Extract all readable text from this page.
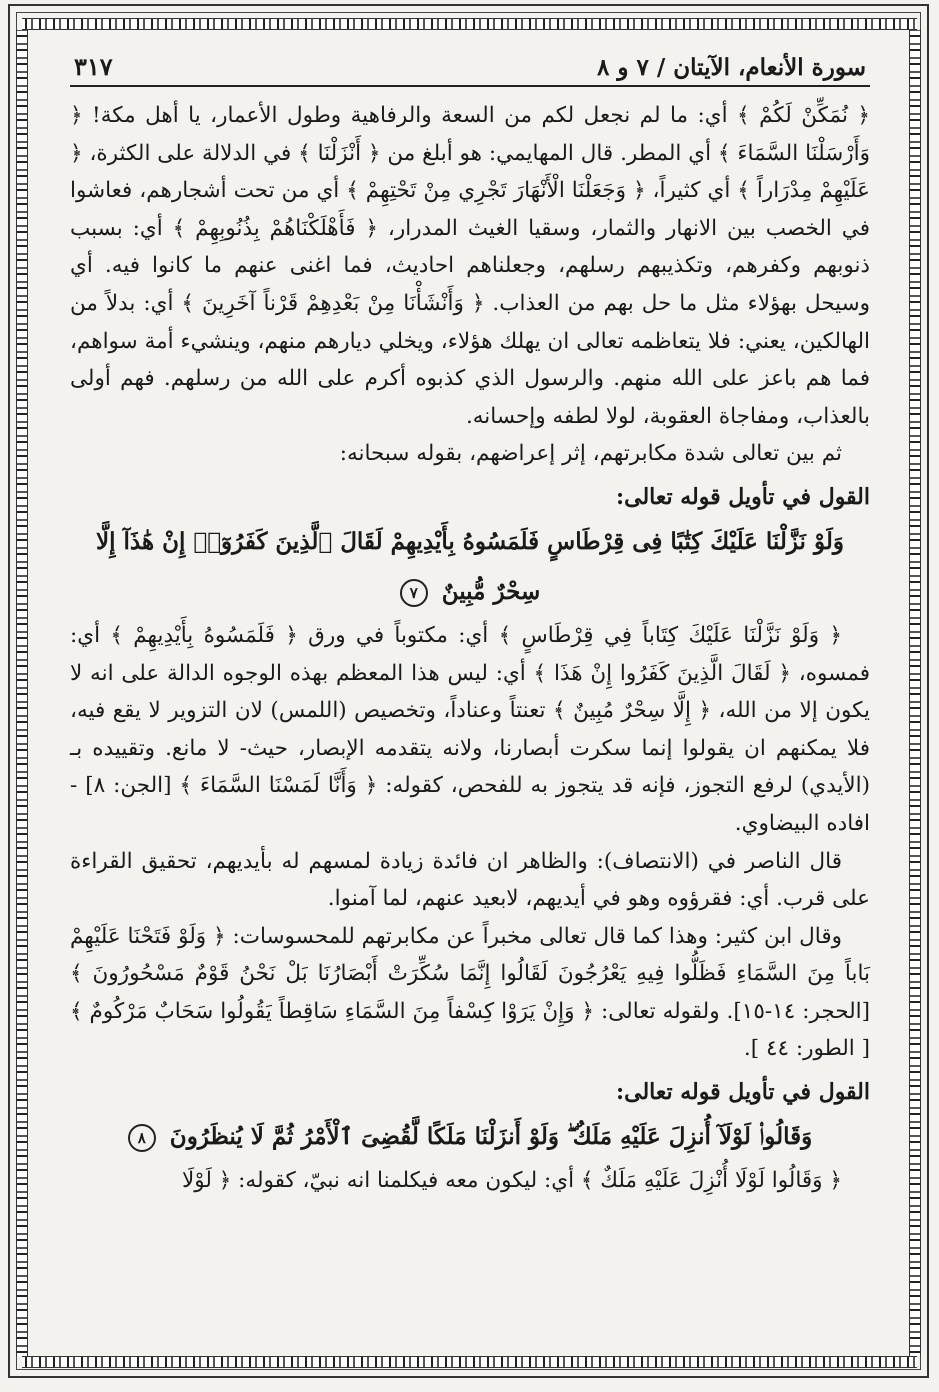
سورة الأنعام، الآيتان / ٧ و ٨
٣١٧

﴿ نُمَكِّنْ لَكُمْ ﴾ أي: ما لم نجعل لكم من السعة والرفاهية وطول الأعمار، يا أهل مكة! ﴿ وَأَرْسَلْنَا السَّمَاءَ ﴾ أي المطر. قال المهايمي: هو أبلغ من ﴿ أَنْزَلْنَا ﴾ في الدلالة على الكثرة، ﴿ عَلَيْهِمْ مِدْرَاراً ﴾ أي كثيراً، ﴿ وَجَعَلْنَا الْأَنْهَارَ تَجْرِي مِنْ تَحْتِهِمْ ﴾ أي من تحت أشجارهم، فعاشوا في الخصب بين الانهار والثمار، وسقيا الغيث المدرار، ﴿ فَأَهْلَكْنَاهُمْ بِذُنُوبِهِمْ ﴾ أي: بسبب ذنوبهم وكفرهم، وتكذيبهم رسلهم، وجعلناهم احاديث، فما اغنى عنهم ما كانوا فيه. أي وسيحل بهؤلاء مثل ما حل بهم من العذاب. ﴿ وَأَنْشَأْنَا مِنْ بَعْدِهِمْ قَرْناً آخَرِينَ ﴾ أي: بدلاً من الهالكين، يعني: فلا يتعاظمه تعالى ان يهلك هؤلاء، ويخلي ديارهم منهم، وينشيء أمة سواهم، فما هم باعز على الله منهم. والرسول الذي كذبوه أكرم على الله من رسلهم. فهم أولى بالعذاب، ومفاجاة العقوبة، لولا لطفه وإحسانه.

ثم بين تعالى شدة مكابرتهم، إثر إعراضهم، بقوله سبحانه:

القول في تأويل قوله تعالى:
وَلَوْ نَزَّلْنَا عَلَيْكَ كِتَٰبًا فِى قِرْطَاسٍ فَلَمَسُوهُ بِأَيْدِيهِمْ لَقَالَ ٱلَّذِينَ كَفَرُوٓا۟ إِنْ هَٰذَآ إِلَّا سِحْرٌ مُّبِينٌ ٧

﴿ وَلَوْ نَزَّلْنَا عَلَيْكَ كِتَاباً فِي قِرْطَاسٍ ﴾ أي: مكتوباً في ورق ﴿ فَلَمَسُوهُ بِأَيْدِيهِمْ ﴾ أي: فمسوه، ﴿ لَقَالَ الَّذِينَ كَفَرُوا إِنْ هَذَا ﴾ أي: ليس هذا المعظم بهذه الوجوه الدالة على انه لا يكون إلا من الله، ﴿ إِلَّا سِحْرٌ مُبِينٌ ﴾ تعنتاً وعناداً، وتخصيص (اللمس) لان التزوير لا يقع فيه، فلا يمكنهم ان يقولوا إنما سكرت أبصارنا، ولانه يتقدمه الإبصار، حيث- لا مانع. وتقييده بـ (الأيدي) لرفع التجوز، فإنه قد يتجوز به للفحص، كقوله: ﴿ وَأَنَّا لَمَسْنَا السَّمَاءَ ﴾ [الجن: ٨] - افاده البيضاوي.

قال الناصر في (الانتصاف): والظاهر ان فائدة زيادة لمسهم له بأيديهم، تحقيق القراءة على قرب. أي: فقرؤوه وهو في أيديهم، لابعيد عنهم، لما آمنوا.

وقال ابن كثير: وهذا كما قال تعالى مخبراً عن مكابرتهم للمحسوسات: ﴿ وَلَوْ فَتَحْنَا عَلَيْهِمْ بَاباً مِنَ السَّمَاءِ فَظَلُّوا فِيهِ يَعْرُجُونَ لَقَالُوا إِنَّمَا سُكِّرَتْ أَبْصَارُنَا بَلْ نَحْنُ قَوْمٌ مَسْحُورُونَ ﴾ [الحجر: ١٤-١٥]. ولقوله تعالى: ﴿ وَإِنْ يَرَوْا كِسْفاً مِنَ السَّمَاءِ سَاقِطاً يَقُولُوا سَحَابٌ مَرْكُومٌ ﴾ [ الطور: ٤٤ ].

القول في تأويل قوله تعالى:
وَقَالُوا۟ لَوْلَآ أُنزِلَ عَلَيْهِ مَلَكٌ ۖ وَلَوْ أَنزَلْنَا مَلَكًا لَّقُضِىَ ٱلْأَمْرُ ثُمَّ لَا يُنظَرُونَ ٨

﴿ وَقَالُوا لَوْلَا أُنْزِلَ عَلَيْهِ مَلَكٌ ﴾ أي: ليكون معه فيكلمنا انه نبيّ، كقوله: ﴿ لَوْلَا
